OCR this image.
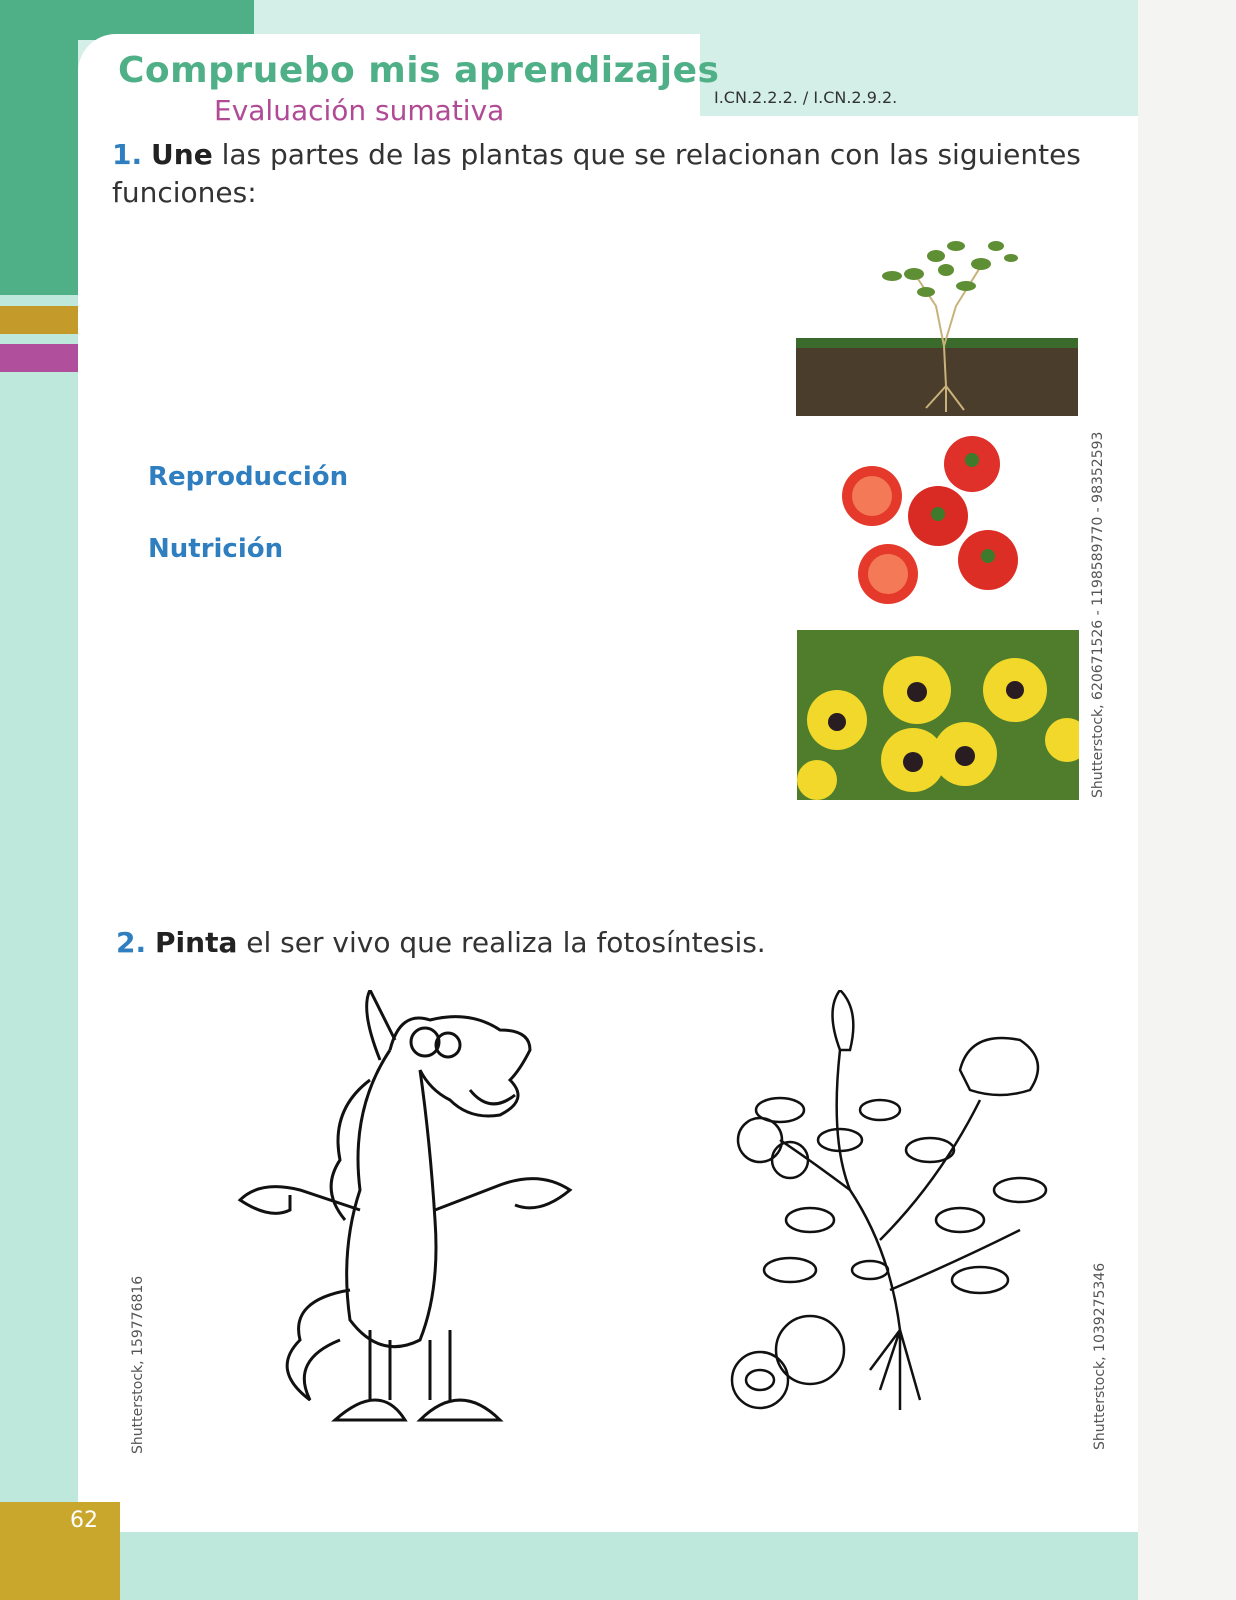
62
Compruebo mis aprendizajes
Evaluación sumativa	I.CN.2.2.2. / I.CN.2.9.2.
1. Une las partes de las plantas que se relacionan con las siguientes funciones:
Reproducción
Nutrición	Shutterstock, 620671526 - 1198589770 - 98352593
2. Pinta el ser vivo que realiza la fotosíntesis.
Shutterstock, 159776816	Shutterstock, 1039275346
